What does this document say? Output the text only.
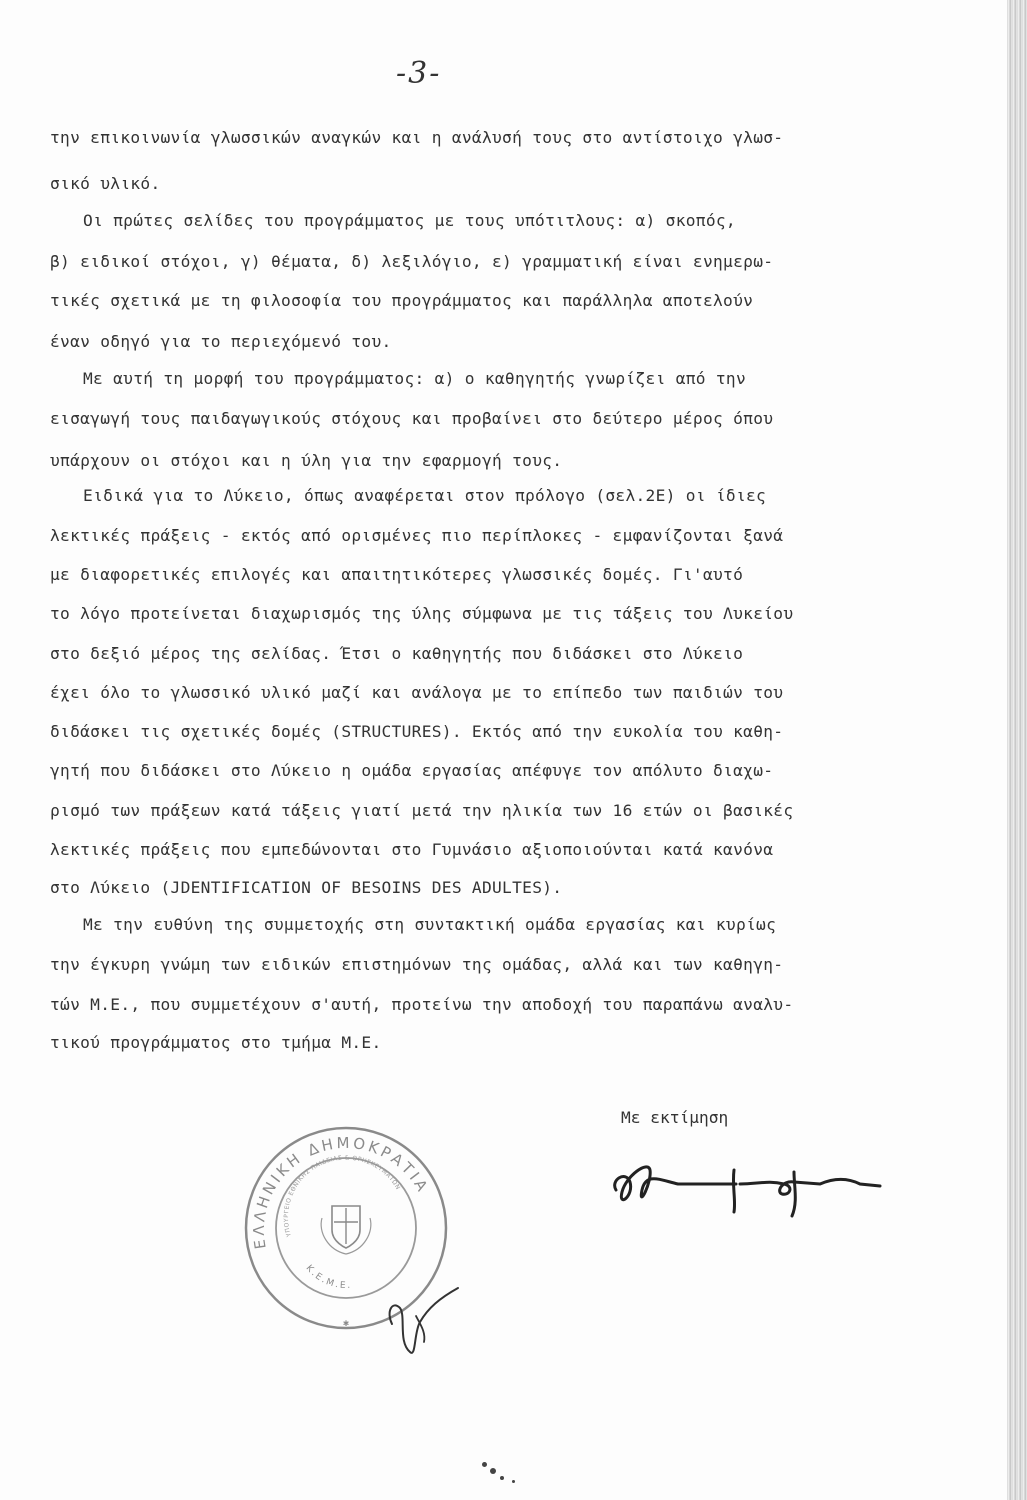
-3-
την επικοινωνία γλωσσικών αναγκών και η ανάλυσή τους στο αντίστοιχο γλωσ-
σικό υλικό.
Οι πρώτες σελίδες του προγράμματος με τους υπότιτλους: α) σκοπός,
β) ειδικοί στόχοι, γ) θέματα, δ) λεξιλόγιο, ε) γραμματική είναι ενημερω-
τικές σχετικά με τη φιλοσοφία του προγράμματος και παράλληλα αποτελούν
έναν οδηγό για το περιεχόμενό του.
Με αυτή τη μορφή του προγράμματος: α) ο καθηγητής γνωρίζει από την
εισαγωγή τους παιδαγωγικούς στόχους και προβαίνει στο δεύτερο μέρος όπου
υπάρχουν οι στόχοι και η ύλη για την εφαρμογή τους.
Ειδικά για το Λύκειο, όπως αναφέρεται στον πρόλογο (σελ.2Ε) οι ίδιες
λεκτικές πράξεις - εκτός από ορισμένες πιο περίπλοκες - εμφανίζονται ξανά
με διαφορετικές επιλογές και απαιτητικότερες γλωσσικές δομές. Γι'αυτό
το λόγο προτείνεται διαχωρισμός της ύλης σύμφωνα με τις τάξεις του Λυκείου
στο δεξιό μέρος της σελίδας. Έτσι ο καθηγητής που διδάσκει στο Λύκειο
έχει όλο το γλωσσικό υλικό μαζί και ανάλογα με το επίπεδο των παιδιών του
διδάσκει τις σχετικές δομές (STRUCTURES). Εκτός από την ευκολία του καθη-
γητή που διδάσκει στο Λύκειο η ομάδα εργασίας απέφυγε τον απόλυτο διαχω-
ρισμό των πράξεων κατά τάξεις γιατί μετά την ηλικία των 16 ετών οι βασικές
λεκτικές πράξεις που εμπεδώνονται στο Γυμνάσιο αξιοποιούνται κατά κανόνα
στο Λύκειο (JDENTIFICATION OF BESOINS DES ADULTES).
Με την ευθύνη της συμμετοχής στη συντακτική ομάδα εργασίας και κυρίως
την έγκυρη γνώμη των ειδικών επιστημόνων της ομάδας, αλλά και των καθηγη-
τών Μ.Ε., που συμμετέχουν σ'αυτή, προτείνω την αποδοχή του παραπάνω αναλυ-
τικού προγράμματος στο τμήμα Μ.Ε.
Με εκτίμηση
ΕΛΛΗΝΙΚΗ ΔΗΜΟΚΡΑΤΙΑ
ΥΠΟΥΡΓΕΙΟ ΕΘΝΙΚΗΣ ΠΑΙΔΕΙΑΣ & ΘΡΗΣΚΕΥΜΑΤΩΝ
Κ.Ε.Μ.Ε.
✱
